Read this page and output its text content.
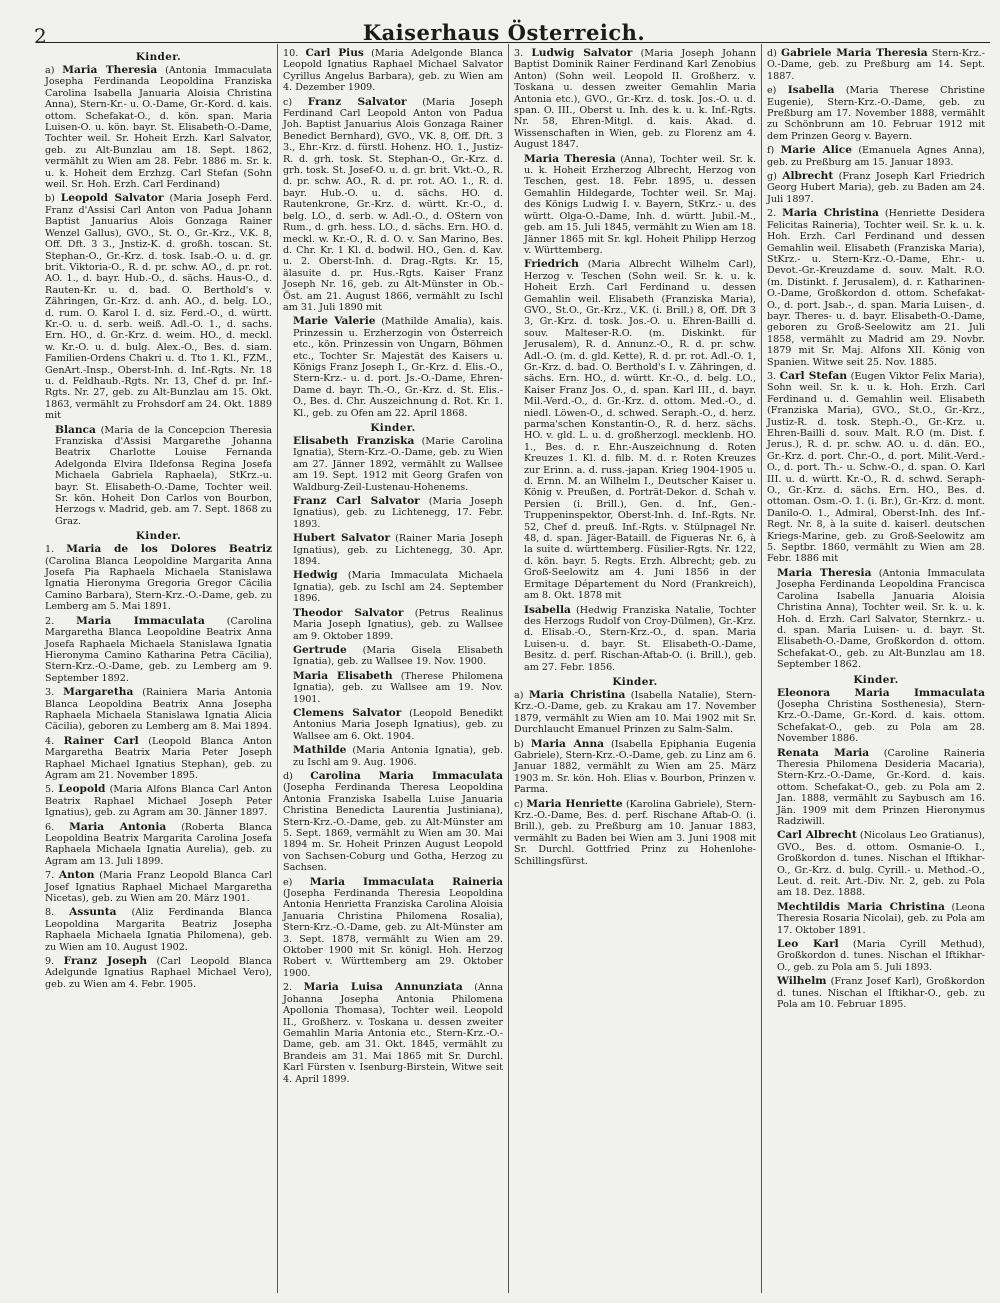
2	Kaiserhaus Österreich.
Kinder.
a) Maria Theresia (Antonia Immaculata Josepha Ferdinanda Leopoldina Franziska Carolina Isabella Januaria Aloisia Christina Anna), Stern-Kr.- u. O.-Dame, Gr.-Kord. d. kais. ottom. Schefakat-O., d. kön. span. Maria Luisen-O. u. kön. bayr. St. Elisabeth-O.-Dame, Tochter weil. Sr. Hoheit Erzh. Karl Salvator, geb. zu Alt-Bunzlau am 18. Sept. 1862, vermählt zu Wien am 28. Febr. 1886 m. Sr. k. u. k. Hoheit dem Erzhzg. Carl Stefan (Sohn weil. Sr. Hoh. Erzh. Carl Ferdinand)
b) Leopold Salvator (Maria Joseph Ferd. Franz d'Assisi Carl Anton von Padua Johann Baptist Januarius Alois Gonzaga Rainer Wenzel Gallus), GVO., St. O., Gr.-Krz., V.K. 8, Off. Dft. 3 3., Jnstiz-K. d. großh. toscan. St. Stephan-O., Gr.-Krz. d. tosk. Isab.-O. u. d. gr. brit. Viktoria-O., R. d. pr. schw. AO., d. pr. rot. AO. 1., d. bayr. Hub.-O., d. sächs. Haus-O., d. Rauten-Kr. u. d. bad. O. Berthold's v. Zähringen, Gr.-Krz. d. anh. AO., d. belg. LO., d. rum. O. Karol I. d. siz. Ferd.-O., d. württ. Kr.-O. u. d. serb. weiß. Adl.-O. 1., d. sachs. Ern. HO., d. Gr.-Krz. d. weim. HO., d. meckl. w. Kr.-O. u. d. bulg. Alex.-O., Bes. d. siam. Familien-Ordens Chakri u. d. Tto 1. Kl., FZM., GenArt.-Insp., Oberst-Inh. d. Inf.-Rgts. Nr. 18 u. d. Feldhaub.-Rgts. Nr. 13, Chef d. pr. Inf.-Rgts. Nr. 27, geb. zu Alt-Bunzlau am 15. Okt. 1863, vermählt zu Frohsdorf am 24. Okt. 1889 mit
Blanca (Maria de la Concepcion Theresia Franziska d'Assisi Margarethe Johanna Beatrix Charlotte Louise Fernanda Adelgonda Elvira Ildefonsa Regina Josefa Michaela Gabriela Raphaela), StKrz.-u. bayr. St. Elisabeth-O.-Dame, Tochter weil. Sr. kön. Hoheit Don Carlos von Bourbon, Herzogs v. Madrid, geb. am 7. Sept. 1868 zu Graz.
Kinder.
1. Maria de los Dolores Beatriz (Carolina Blanca Leopoldine Margarita Anna Josefa Pia Raphaela Michaela Stanislawa Ignatia Hieronyma Gregoria Gregor Cäcilia Camino Barbara), Stern-Krz.-O.-Dame, geb. zu Lemberg am 5. Mai 1891.
2. Maria Immaculata (Carolina Margaretha Blanca Leopoldine Beatrix Anna Josefa Raphaela Michaela Stanislawa Ignatia Hieronyma Camino Katharina Petra Cäcilia), Stern-Krz.-O.-Dame, geb. zu Lemberg am 9. September 1892.
3. Margaretha (Rainiera Maria Antonia Blanca Leopoldina Beatrix Anna Josepha Raphaela Michaela Stanislawa Ignatia Alicia Cäcilia), geboren zu Lemberg am 8. Mai 1894.
4. Rainer Carl (Leopold Blanca Anton Margaretha Beatrix Maria Peter Joseph Raphael Michael Ignatius Stephan), geb. zu Agram am 21. November 1895.
5. Leopold (Maria Alfons Blanca Carl Anton Beatrix Raphael Michael Joseph Peter Ignatius), geb. zu Agram am 30. Jänner 1897.
6. Maria Antonia (Roberta Blanca Leopoldina Beatrix Margarita Carolina Josefa Raphaela Michaela Ignatia Aurelia), geb. zu Agram am 13. Juli 1899.
7. Anton (Maria Franz Leopold Blanca Carl Josef Ignatius Raphael Michael Margaretha Nicetas), geb. zu Wien am 20. März 1901.
8. Assunta (Aliz Ferdinanda Blanca Leopoldina Margarita Beatriz Josepha Raphaela Michaela Ignatia Philomena), geb. zu Wien am 10. August 1902.
9. Franz Joseph (Carl Leopold Blanca Adelgunde Ignatius Raphael Michael Vero), geb. zu Wien am 4. Febr. 1905.
10. Carl Pius (Maria Adelgonde Blanca Leopold Ignatius Raphael Michael Salvator Cyrillus Angelus Barbara), geb. zu Wien am 4. Dezember 1909.
c) Franz Salvator (Maria Joseph Ferdinand Carl Leopold Anton von Padua Joh. Baptist Januarius Alois Gonzaga Rainer Benedict Bernhard), GVO., VK. 8, Off. Dft. 3 3., Ehr.-Krz. d. fürstl. Hohenz. HO. 1., Justiz-R. d. grh. tosk. St. Stephan-O., Gr.-Krz. d. grh. tosk. St. Josef-O. u. d. gr. brit. Vkt.-O., R. d. pr. schw. AO., R. d. pr. rot. AO. 1., R. d. bayr. Hub.-O. u. d. sächs. HO. d. Rautenkrone, Gr.-Krz. d. württ. Kr.-O., d. belg. LO., d. serb. w. Adl.-O., d. OStern von Rum., d. grh. hess. LO., d. sächs. Ern. HO. d. meckl. w. Kr.-O., R. d. O. v. San Marino, Bes. d. Chr. Kr. 1 Kl. d. bodwil. HO., Gen. d. Kav. u. 2. Oberst-Inh. d. Drag.-Rgts. Kr. 15, älasuite d. pr. Hus.-Rgts. Kaiser Franz Joseph Nr. 16, geb. zu Alt-Münster in Ob.-Öst. am 21. August 1866, vermählt zu Ischl am 31. Juli 1890 mit
Marie Valerie (Mathilde Amalia), kais. Prinzessin u. Erzherzogin von Österreich etc., kön. Prinzessin von Ungarn, Böhmen etc., Tochter Sr. Majestät des Kaisers u. Königs Franz Joseph I., Gr.-Krz. d. Elis.-O., Stern-Krz.- u. d. port. Js.-O.-Dame, Ehren-Dame d. bayr. Th.-O., Gr.-Krz. d. St. Elis.-O., Bes. d. Chr. Auszeichnung d. Rot. Kr. 1. Kl., geb. zu Ofen am 22. April 1868.
Kinder.
Elisabeth Franziska (Marie Carolina Ignatia), Stern-Krz.-O.-Dame, geb. zu Wien am 27. Jänner 1892, vermählt zu Wallsee am 19. Sept. 1912 mit Georg Grafen von Waldburg-Zeil-Lustenau-Hohenems.
Franz Carl Salvator (Maria Joseph Ignatius), geb. zu Lichtenegg, 17. Febr. 1893.
Hubert Salvator (Rainer Maria Joseph Ignatius), geb. zu Lichtenegg, 30. Apr. 1894.
Hedwig (Maria Immaculata Michaela Ignatia), geb. zu Ischl am 24. September 1896.
Theodor Salvator (Petrus Realinus Maria Joseph Ignatius), geb. zu Wallsee am 9. Oktober 1899.
Gertrude (Maria Gisela Elisabeth Ignatia), geb. zu Wallsee 19. Nov. 1900.
Maria Elisabeth (Therese Philomena Ignatia), geb. zu Wallsee am 19. Nov. 1901.
Clemens Salvator (Leopold Benedikt Antonius Maria Joseph Ignatius), geb. zu Wallsee am 6. Okt. 1904.
Mathilde (Maria Antonia Ignatia), geb. zu Ischl am 9. Aug. 1906.
d) Carolina Maria Immaculata (Josepha Ferdinanda Theresa Leopoldina Antonia Franziska Isabella Luise Januaria Christina Benedicta Laurentia Justiniana), Stern-Krz.-O.-Dame, geb. zu Alt-Münster am 5. Sept. 1869, vermählt zu Wien am 30. Mai 1894 m. Sr. Hoheit Prinzen August Leopold von Sachsen-Coburg und Gotha, Herzog zu Sachsen.
e) Maria Immaculata Raineria (Josepha Ferdinanda Theresia Leopoldina Antonia Henrietta Franziska Carolina Aloisia Januaria Christina Philomena Rosalia), Stern-Krz.-O.-Dame, geb. zu Alt-Münster am 3. Sept. 1878, vermählt zu Wien am 29. Oktober 1900 mit Sr. königl. Hoh. Herzog Robert v. Württemberg am 29. Oktober 1900.
2. Maria Luisa Annunziata (Anna Johanna Josepha Antonia Philomena Apollonia Thomasa), Tochter weil. Leopold II., Großherz. v. Toskana u. dessen zweiter Gemahlin Maria Antonia etc., Stern-Krz.-O.-Dame, geb. am 31. Okt. 1845, vermählt zu Brandeis am 31. Mai 1865 mit Sr. Durchl. Karl Fürsten v. Isenburg-Birstein, Witwe seit 4. April 1899.
3. Ludwig Salvator (Maria Joseph Johann Baptist Dominik Rainer Ferdinand Karl Zenobius Anton) (Sohn weil. Leopold II. Großherz. v. Toskana u. dessen zweiter Gemahlin Maria Antonia etc.), GVO., Gr.-Krz. d. tosk. Jos.-O. u. d. span. O. III., Oberst u. Inh. des k. u. k. Inf.-Rgts. Nr. 58, Ehren-Mitgl. d. kais. Akad. d. Wissenschaften in Wien, geb. zu Florenz am 4. August 1847.
Maria Theresia (Anna), Tochter weil. Sr. k. u. k. Hoheit Erzherzog Albrecht, Herzog von Teschen, gest. 18. Febr. 1895, u. dessen Gemahlin Hildegarde, Tochter weil. Sr. Maj. des Königs Ludwig I. v. Bayern, StKrz.- u. des württ. Olga-O.-Dame, Inh. d. württ. Jubil.-M., geb. am 15. Juli 1845, vermählt zu Wien am 18. Jänner 1865 mit Sr. kgl. Hoheit Philipp Herzog v. Württemberg.
Friedrich (Maria Albrecht Wilhelm Carl), Herzog v. Teschen (Sohn weil. Sr. k. u. k. Hoheit Erzh. Carl Ferdinand u. dessen Gemahlin weil. Elisabeth (Franziska Maria), GVO., St.O., Gr.-Krz., V.K. (i. Brill.) 8, Off. Dft 3 3, Gr.-Krz. d. tosk. Jos.-O. u. Ehren-Bailli d. souv. Malteser-R.O. (m. Diskinkt. für Jerusalem), R. d. Annunz.-O., R. d. pr. schw. Adl.-O. (m. d. gld. Kette), R. d. pr. rot. Adl.-O. 1, Gr.-Krz. d. bad. O. Berthold's I. v. Zähringen, d. sächs. Ern. HO., d. württ. Kr.-O., d. belg. LO., Kaiser Franz Jos. O., d. span. Karl III., d. bayr. Mil.-Verd.-O., d. Gr.-Krz. d. ottom. Med.-O., d. niedl. Löwen-O., d. schwed. Seraph.-O., d. herz. parma'schen Konstantin-O., R. d. herz. sächs. HO. v. gld. L. u. d. großherzogl. mecklenb. HO. 1., Bes. d. r. Ehr.-Auszeichnung d. Roten Kreuzes 1. Kl. d. filb. M. d. r. Roten Kreuzes zur Erinn. a. d. russ.-japan. Krieg 1904-1905 u. d. Ernn. M. an Wilhelm I., Deutscher Kaiser u. König v. Preußen, d. Porträt-Dekor. d. Schah v. Persien (i. Brill.), Gen. d. Inf., Gen.-Truppeninspektor, Oberst-Inh. d. Inf.-Rgts. Nr. 52, Chef d. preuß. Inf.-Rgts. v. Stülpnagel Nr. 48, d. span. Jäger-Bataill. de Figueras Nr. 6, à la suite d. württemberg. Füsilier-Rgts. Nr. 122, d. kön. bayr. 5. Regts. Erzh. Albrecht; geb. zu Groß-Seelowitz am 4. Juni 1856 in der Ermitage Département du Nord (Frankreich), am 8. Okt. 1878 mit
Isabella (Hedwig Franziska Natalie, Tochter des Herzogs Rudolf von Croy-Dülmen), Gr.-Krz. d. Elisab.-O., Stern-Krz.-O., d. span. Maria Luisen-u. d. bayr. St. Elisabeth-O.-Dame, Besitz. d. perf. Rischan-Aftab-O. (i. Brill.), geb. am 27. Febr. 1856.
Kinder.
a) Maria Christina (Isabella Natalie), Stern-Krz.-O.-Dame, geb. zu Krakau am 17. November 1879, vermählt zu Wien am 10. Mai 1902 mit Sr. Durchlaucht Emanuel Prinzen zu Salm-Salm.
b) Maria Anna (Isabella Epiphania Eugenia Gabriele), Stern-Krz.-O.-Dame, geb. zu Linz am 6. Januar 1882, vermählt zu Wien am 25. März 1903 m. Sr. kön. Hoh. Elias v. Bourbon, Prinzen v. Parma.
c) Maria Henriette (Karolina Gabriele), Stern-Krz.-O.-Dame, Bes. d. perf. Rischane Aftab-O. (i. Brill.), geb. zu Preßburg am 10. Januar 1883, vermählt zu Baden bei Wien am 3. Juni 1908 mit Sr. Durchl. Gottfried Prinz zu Hohenlohe-Schillingsfürst.
d) Gabriele Maria Theresia Stern-Krz.-O.-Dame, geb. zu Preßburg am 14. Sept. 1887.
e) Isabella (Maria Therese Christine Eugenie), Stern-Krz.-O.-Dame, geb. zu Preßburg am 17. November 1888, vermählt zu Schönbrunn am 10. Februar 1912 mit dem Prinzen Georg v. Bayern.
f) Marie Alice (Emanuela Agnes Anna), geb. zu Preßburg am 15. Januar 1893.
g) Albrecht (Franz Joseph Karl Friedrich Georg Hubert Maria), geb. zu Baden am 24. Juli 1897.
2. Maria Christina (Henriette Desidera Felicitas Raineria), Tochter weil. Sr. k. u. k. Hoh. Erzh. Carl Ferdinand und dessen Gemahlin weil. Elisabeth (Franziska Maria), StKrz.- u. Stern-Krz.-O.-Dame, Ehr.- u. Devot.-Gr.-Kreuzdame d. souv. Malt. R.O. (m. Distinkt. f. Jerusalem), d. r. Katharinen-O.-Dame, Großkordon d. ottom. Schefakat-O., d. port. Jsab.-, d. span. Maria Luisen-, d. bayr. Theres- u. d. bayr. Elisabeth-O.-Dame, geboren zu Groß-Seelowitz am 21. Juli 1858, vermählt zu Madrid am 29. Novbr. 1879 mit Sr. Maj. Alfons XII. König von Spanien. Witwe seit 25. Nov. 1885.
3. Carl Stefan (Eugen Viktor Felix Maria), Sohn weil. Sr. k. u. k. Hoh. Erzh. Carl Ferdinand u. d. Gemahlin weil. Elisabeth (Franziska Maria), GVO., St.O., Gr.-Krz., Justiz-R. d. tosk. Steph.-O., Gr.-Krz. u. Ehren-Bailli d. souv. Malt. R.O (m. Dist. f. Jerus.), R. d. pr. schw. AO. u. d. dän. EO., Gr.-Krz. d. port. Chr.-O., d. port. Milit.-Verd.-O., d. port. Th.- u. Schw.-O., d. span. O. Karl III. u. d. württ. Kr.-O., R. d. schwd. Seraph-O., Gr.-Krz. d. sächs. Ern. HO., Bes. d. ottoman. Osm.-O. 1. (i. Br.), Gr.-Krz. d. mont. Danilo-O. 1., Admiral, Oberst-Inh. des Inf.-Regt. Nr. 8, à la suite d. kaiserl. deutschen Kriegs-Marine, geb. zu Groß-Seelowitz am 5. Septbr. 1860, vermählt zu Wien am 28. Febr. 1886 mit
Maria Theresia (Antonia Immaculata Josepha Ferdinanda Leopoldina Francisca Carolina Isabella Januaria Aloisia Christina Anna), Tochter weil. Sr. k. u. k. Hoh. d. Erzh. Carl Salvator, Sternkrz.- u. d. span. Maria Luisen- u. d. bayr. St. Elisabeth-O.-Dame, Großkordon d. ottom. Schefakat-O., geb. zu Alt-Bunzlau am 18. September 1862.
Kinder.
Eleonora Maria Immaculata (Josepha Christina Sosthenesia), Stern-Krz.-O.-Dame, Gr.-Kord. d. kais. ottom. Schefakat-O., geb. zu Pola am 28. November 1886.
Renata Maria (Caroline Raineria Theresia Philomena Desideria Macaria), Stern-Krz.-O.-Dame, Gr.-Kord. d. kais. ottom. Schefakat-O., geb. zu Pola am 2. Jan. 1888, vermählt zu Saybusch am 16. Jän. 1909 mit dem Prinzen Hieronymus Radziwill.
Carl Albrecht (Nicolaus Leo Gratianus), GVO., Bes. d. ottom. Osmanie-O. I., Großkordon d. tunes. Nischan el Iftikhar-O., Gr.-Krz. d. bulg. Cyrill.- u. Method.-O., Leut. d. reit. Art.-Div. Nr. 2, geb. zu Pola am 18. Dez. 1888.
Mechtildis Maria Christina (Leona Theresia Rosaria Nicolai), geb. zu Pola am 17. Oktober 1891.
Leo Karl (Maria Cyrill Methud), Großkordon d. tunes. Nischan el Iftikhar-O., geb. zu Pola am 5. Juli 1893.
Wilhelm (Franz Josef Karl), Großkordon d. tunes. Nischan el Iftikhar-O., geb. zu Pola am 10. Februar 1895.
